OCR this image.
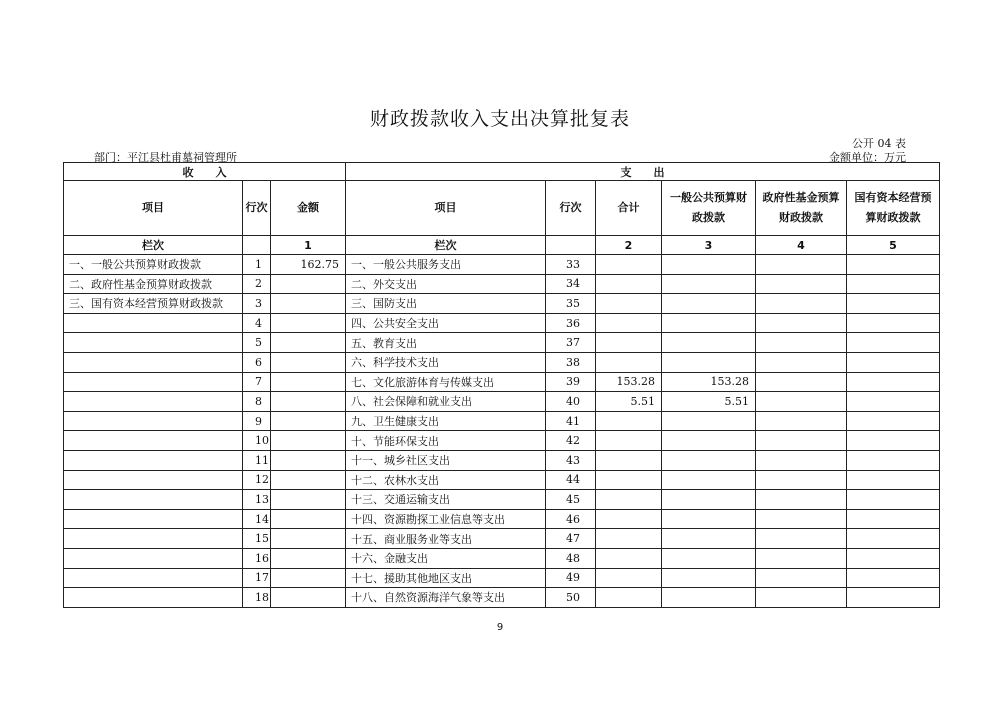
财政拨款收入支出决算批复表
公开 04 表
部门：平江县杜甫墓祠管理所	金额单位：万元
收　　入			支　　出					
项目	行次	金额	项目	行次	合计	一般公共预算财政拨款	政府性基金预算财政拨款	国有资本经营预算财政拨款
栏次		1	栏次		2	3	4	5
一、一般公共预算财政拨款	1	162.75	一、一般公共服务支出	33				
二、政府性基金预算财政拨款	2		二、外交支出	34				
三、国有资本经营预算财政拨款	3		三、国防支出	35				
	4		四、公共安全支出	36				
	5		五、教育支出	37				
	6		六、科学技术支出	38				
	7		七、文化旅游体育与传媒支出	39	153.28	153.28		
	8		八、社会保障和就业支出	40	5.51	5.51		
	9		九、卫生健康支出	41				
	10		十、节能环保支出	42				
	11		十一、城乡社区支出	43				
	12		十二、农林水支出	44				
	13		十三、交通运输支出	45				
	14		十四、资源勘探工业信息等支出	46				
	15		十五、商业服务业等支出	47				
	16		十六、金融支出	48				
	17		十七、援助其他地区支出	49				
	18		十八、自然资源海洋气象等支出	50				
9
